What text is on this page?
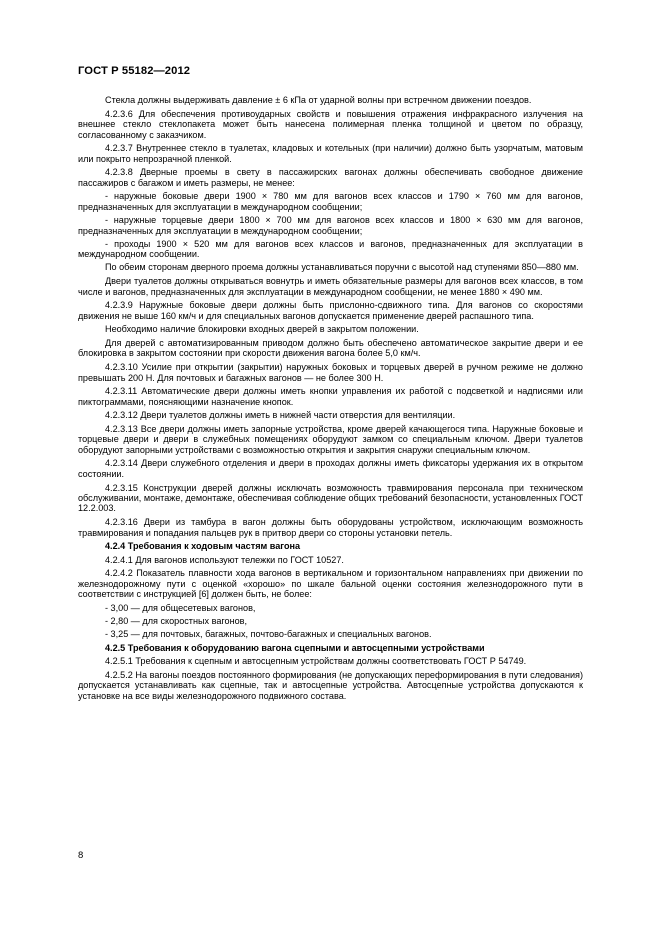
ГОСТ Р 55182—2012

Стекла должны выдерживать давление ± 6 кПа от ударной волны при встречном движении поездов.

4.2.3.6 Для обеспечения противоударных свойств и повышения отражения инфракрасного излучения на внешнее стекло стеклопакета может быть нанесена полимерная пленка толщиной и цветом по образцу, согласованному с заказчиком.

4.2.3.7 Внутреннее стекло в туалетах, кладовых и котельных (при наличии) должно быть узорчатым, матовым или покрыто непрозрачной пленкой.

4.2.3.8 Дверные проемы в свету в пассажирских вагонах должны обеспечивать свободное движение пассажиров с багажом и иметь размеры, не менее:

- наружные боковые двери 1900 × 780 мм для вагонов всех классов и 1790 × 760 мм для вагонов, предназначенных для эксплуатации в международном сообщении;

- наружные торцевые двери 1800 × 700 мм для вагонов всех классов и 1800 × 630 мм для вагонов, предназначенных для эксплуатации в международном сообщении;

- проходы 1900 × 520 мм для вагонов всех классов и вагонов, предназначенных для эксплуатации в международном сообщении.

По обеим сторонам дверного проема должны устанавливаться поручни с высотой над ступенями 850—880 мм.

Двери туалетов должны открываться вовнутрь и иметь обязательные размеры для вагонов всех классов, в том числе и вагонов, предназначенных для эксплуатации в международном сообщении, не менее 1880 × 490 мм.

4.2.3.9 Наружные боковые двери должны быть прислонно-сдвижного типа. Для вагонов со скоростями движения не выше 160 км/ч и для специальных вагонов допускается применение дверей распашного типа.

Необходимо наличие блокировки входных дверей в закрытом положении.

Для дверей с автоматизированным приводом должно быть обеспечено автоматическое закрытие двери и ее блокировка в закрытом состоянии при скорости движения вагона более 5,0 км/ч.

4.2.3.10 Усилие при открытии (закрытии) наружных боковых и торцевых дверей в ручном режиме не должно превышать 200 Н. Для почтовых и багажных вагонов — не более 300 Н.

4.2.3.11 Автоматические двери должны иметь кнопки управления их работой с подсветкой и надписями или пиктограммами, поясняющими назначение кнопок.

4.2.3.12 Двери туалетов должны иметь в нижней части отверстия для вентиляции.

4.2.3.13 Все двери должны иметь запорные устройства, кроме дверей качающегося типа. Наружные боковые и торцевые двери и двери в служебных помещениях оборудуют замком со специальным ключом. Двери туалетов оборудуют запорными устройствами с возможностью открытия и закрытия снаружи специальным ключом.

4.2.3.14 Двери служебного отделения и двери в проходах должны иметь фиксаторы удержания их в открытом состоянии.

4.2.3.15 Конструкции дверей должны исключать возможность травмирования персонала при техническом обслуживании, монтаже, демонтаже, обеспечивая соблюдение общих требований безопасности, установленных ГОСТ 12.2.003.

4.2.3.16 Двери из тамбура в вагон должны быть оборудованы устройством, исключающим возможность травмирования и попадания пальцев рук в притвор двери со стороны установки петель.

4.2.4 Требования к ходовым частям вагона

4.2.4.1 Для вагонов используют тележки по ГОСТ 10527.

4.2.4.2 Показатель плавности хода вагонов в вертикальном и горизонтальном направлениях при движении по железнодорожному пути с оценкой «хорошо» по шкале бальной оценки состояния железнодорожного пути в соответствии с инструкцией [6] должен быть, не более:

- 3,00 — для общесетевых вагонов,

- 2,80 — для скоростных вагонов,

- 3,25 — для почтовых, багажных, почтово-багажных и специальных вагонов.

4.2.5 Требования к оборудованию вагона сцепными и автосцепными устройствами

4.2.5.1 Требования к сцепным и автосцепным устройствам должны соответствовать ГОСТ Р 54749.

4.2.5.2 На вагоны поездов постоянного формирования (не допускающих переформирования в пути следования) допускается устанавливать как сцепные, так и автосцепные устройства. Автосцепные устройства допускаются к установке на все виды железнодорожного подвижного состава.

8
